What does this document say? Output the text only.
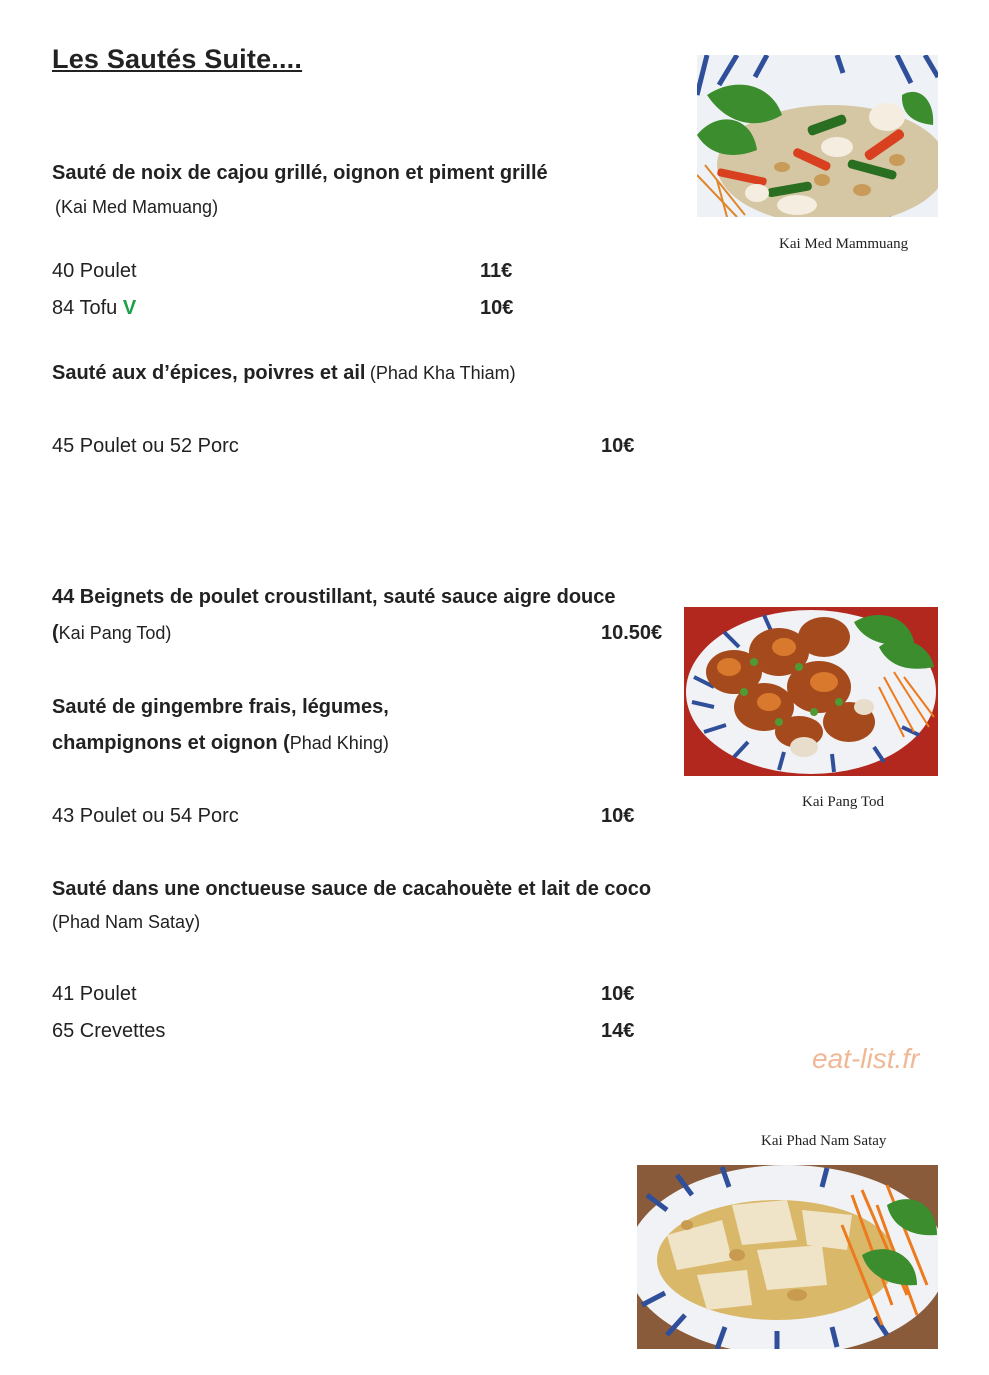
Les Sautés Suite....
Sauté de noix de cajou grillé, oignon et piment grillé
(Kai Med Mamuang)
40 Poulet	11€
84 Tofu V	10€
Sauté aux d’épices, poivres et ail (Phad Kha Thiam)
45 Poulet ou 52 Porc	10€
44 Beignets de poulet croustillant, sauté sauce aigre douce
(Kai Pang Tod)	10.50€
Sauté de gingembre frais, légumes,
champignons et oignon (Phad Khing)
43 Poulet ou 54 Porc	10€
Sauté dans une onctueuse sauce de cacahouète et lait de coco
(Phad Nam Satay)
41 Poulet	10€
65 Crevettes	14€
eat-list.fr
Kai Med Mammuang
Kai Pang Tod
Kai Phad Nam Satay
